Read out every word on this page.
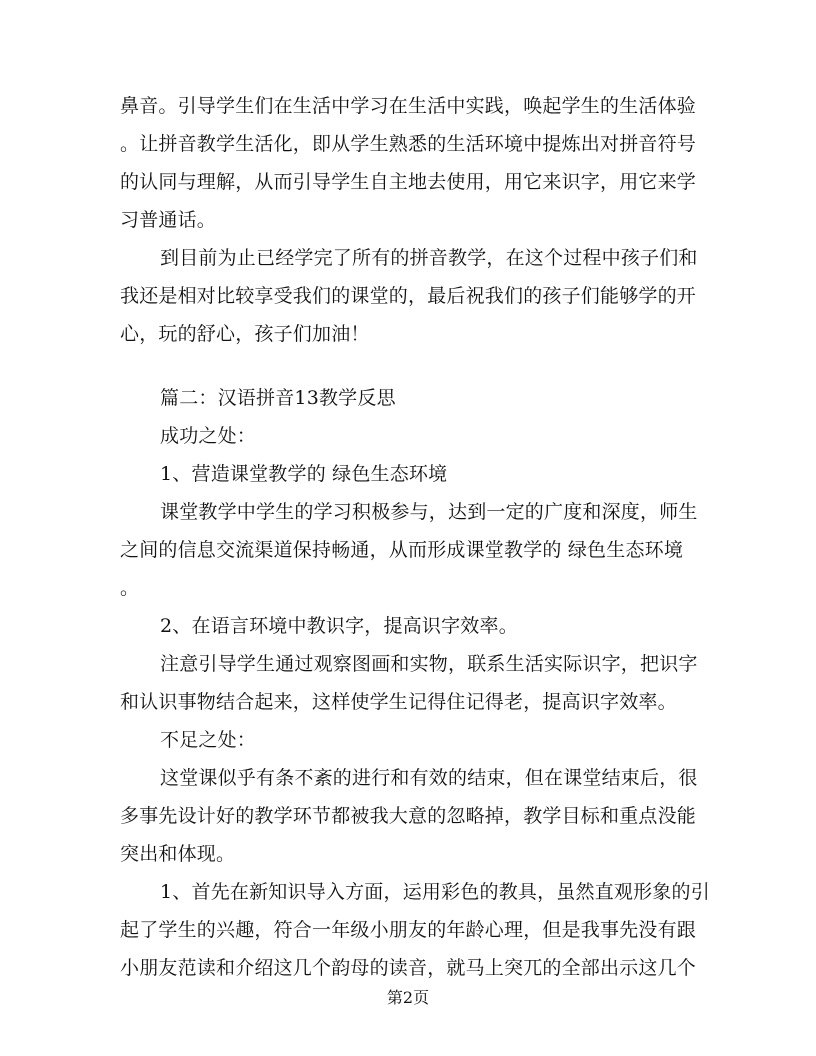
鼻音。引导学生们在生活中学习在生活中实践，唤起学生的生活体验
。让拼音教学生活化，即从学生熟悉的生活环境中提炼出对拼音符号
的认同与理解，从而引导学生自主地去使用，用它来识字，用它来学
习普通话。
到目前为止已经学完了所有的拼音教学，在这个过程中孩子们和
我还是相对比较享受我们的课堂的，最后祝我们的孩子们能够学的开
心，玩的舒心，孩子们加油！
篇二：汉语拼音13教学反思
成功之处：
1、营造课堂教学的 绿色生态环境
课堂教学中学生的学习积极参与，达到一定的广度和深度，师生
之间的信息交流渠道保持畅通，从而形成课堂教学的 绿色生态环境
。
2、在语言环境中教识字，提高识字效率。
注意引导学生通过观察图画和实物，联系生活实际识字，把识字
和认识事物结合起来，这样使学生记得住记得老，提高识字效率。
不足之处：
这堂课似乎有条不紊的进行和有效的结束，但在课堂结束后，很
多事先设计好的教学环节都被我大意的忽略掉，教学目标和重点没能
突出和体现。
1、首先在新知识导入方面，运用彩色的教具，虽然直观形象的引
起了学生的兴趣，符合一年级小朋友的年龄心理，但是我事先没有跟
小朋友范读和介绍这几个韵母的读音，就马上突兀的全部出示这几个
第2页
